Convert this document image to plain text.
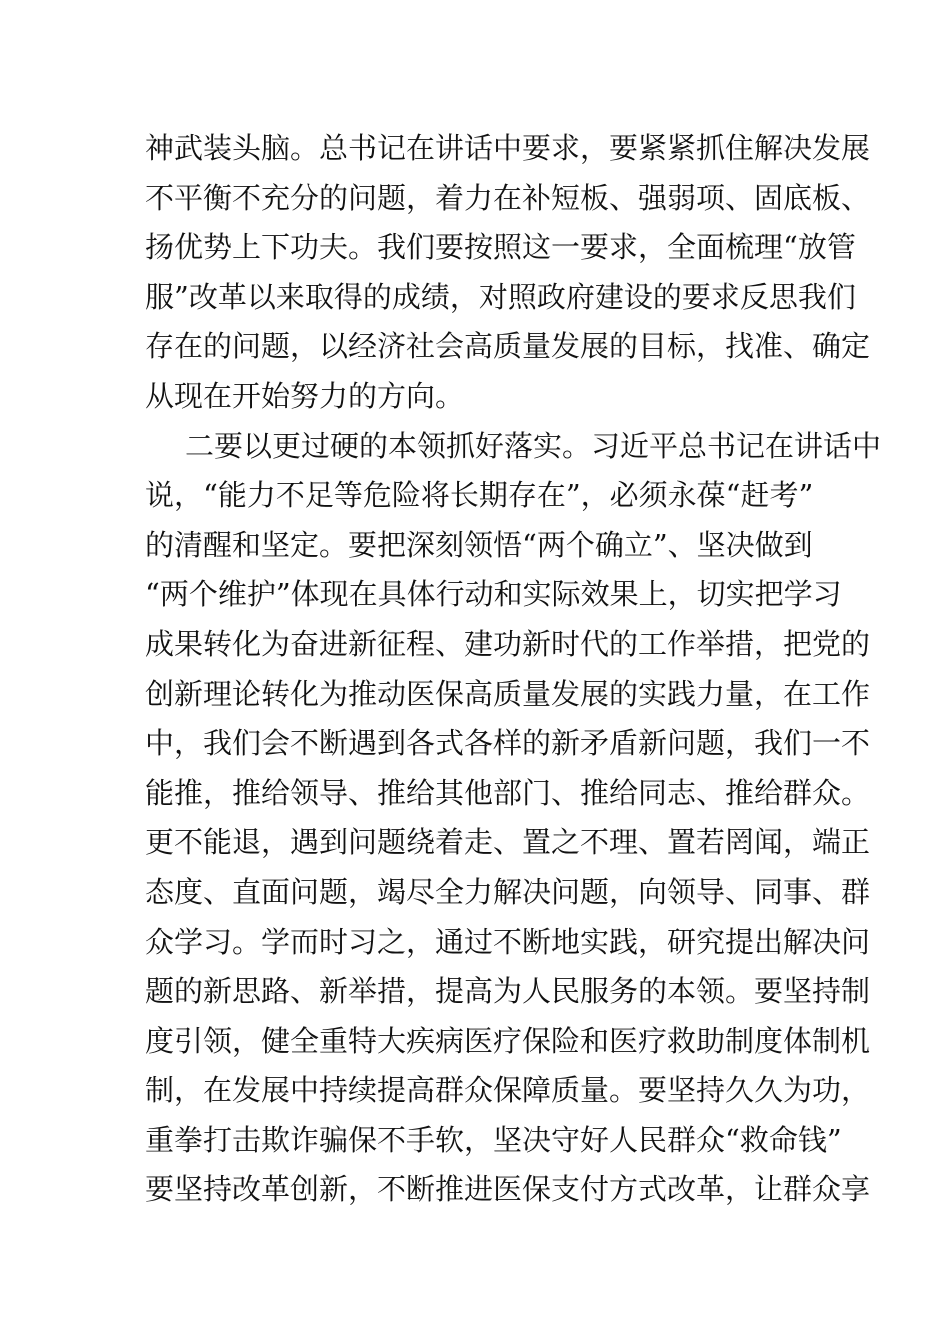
神武装头脑。总书记在讲话中要求，要紧紧抓住解决发展
不平衡不充分的问题，着力在补短板、强弱项、固底板、
扬优势上下功夫。我们要按照这一要求，全面梳理“放管
服”改革以来取得的成绩，对照政府建设的要求反思我们
存在的问题，以经济社会高质量发展的目标，找准、确定
从现在开始努力的方向。
二要以更过硬的本领抓好落实。习近平总书记在讲话中
说，“能力不足等危险将长期存在”，必须永葆“赶考”
的清醒和坚定。要把深刻领悟“两个确立”、坚决做到
“两个维护”体现在具体行动和实际效果上，切实把学习
成果转化为奋进新征程、建功新时代的工作举措，把党的
创新理论转化为推动医保高质量发展的实践力量，在工作
中，我们会不断遇到各式各样的新矛盾新问题，我们一不
能推，推给领导、推给其他部门、推给同志、推给群众。
更不能退，遇到问题绕着走、置之不理、置若罔闻，端正
态度、直面问题，竭尽全力解决问题，向领导、同事、群
众学习。学而时习之，通过不断地实践，研究提出解决问
题的新思路、新举措，提高为人民服务的本领。要坚持制
度引领，健全重特大疾病医疗保险和医疗救助制度体制机
制，在发展中持续提高群众保障质量。要坚持久久为功，
重拳打击欺诈骗保不手软，坚决守好人民群众“救命钱”
要坚持改革创新，不断推进医保支付方式改革，让群众享
